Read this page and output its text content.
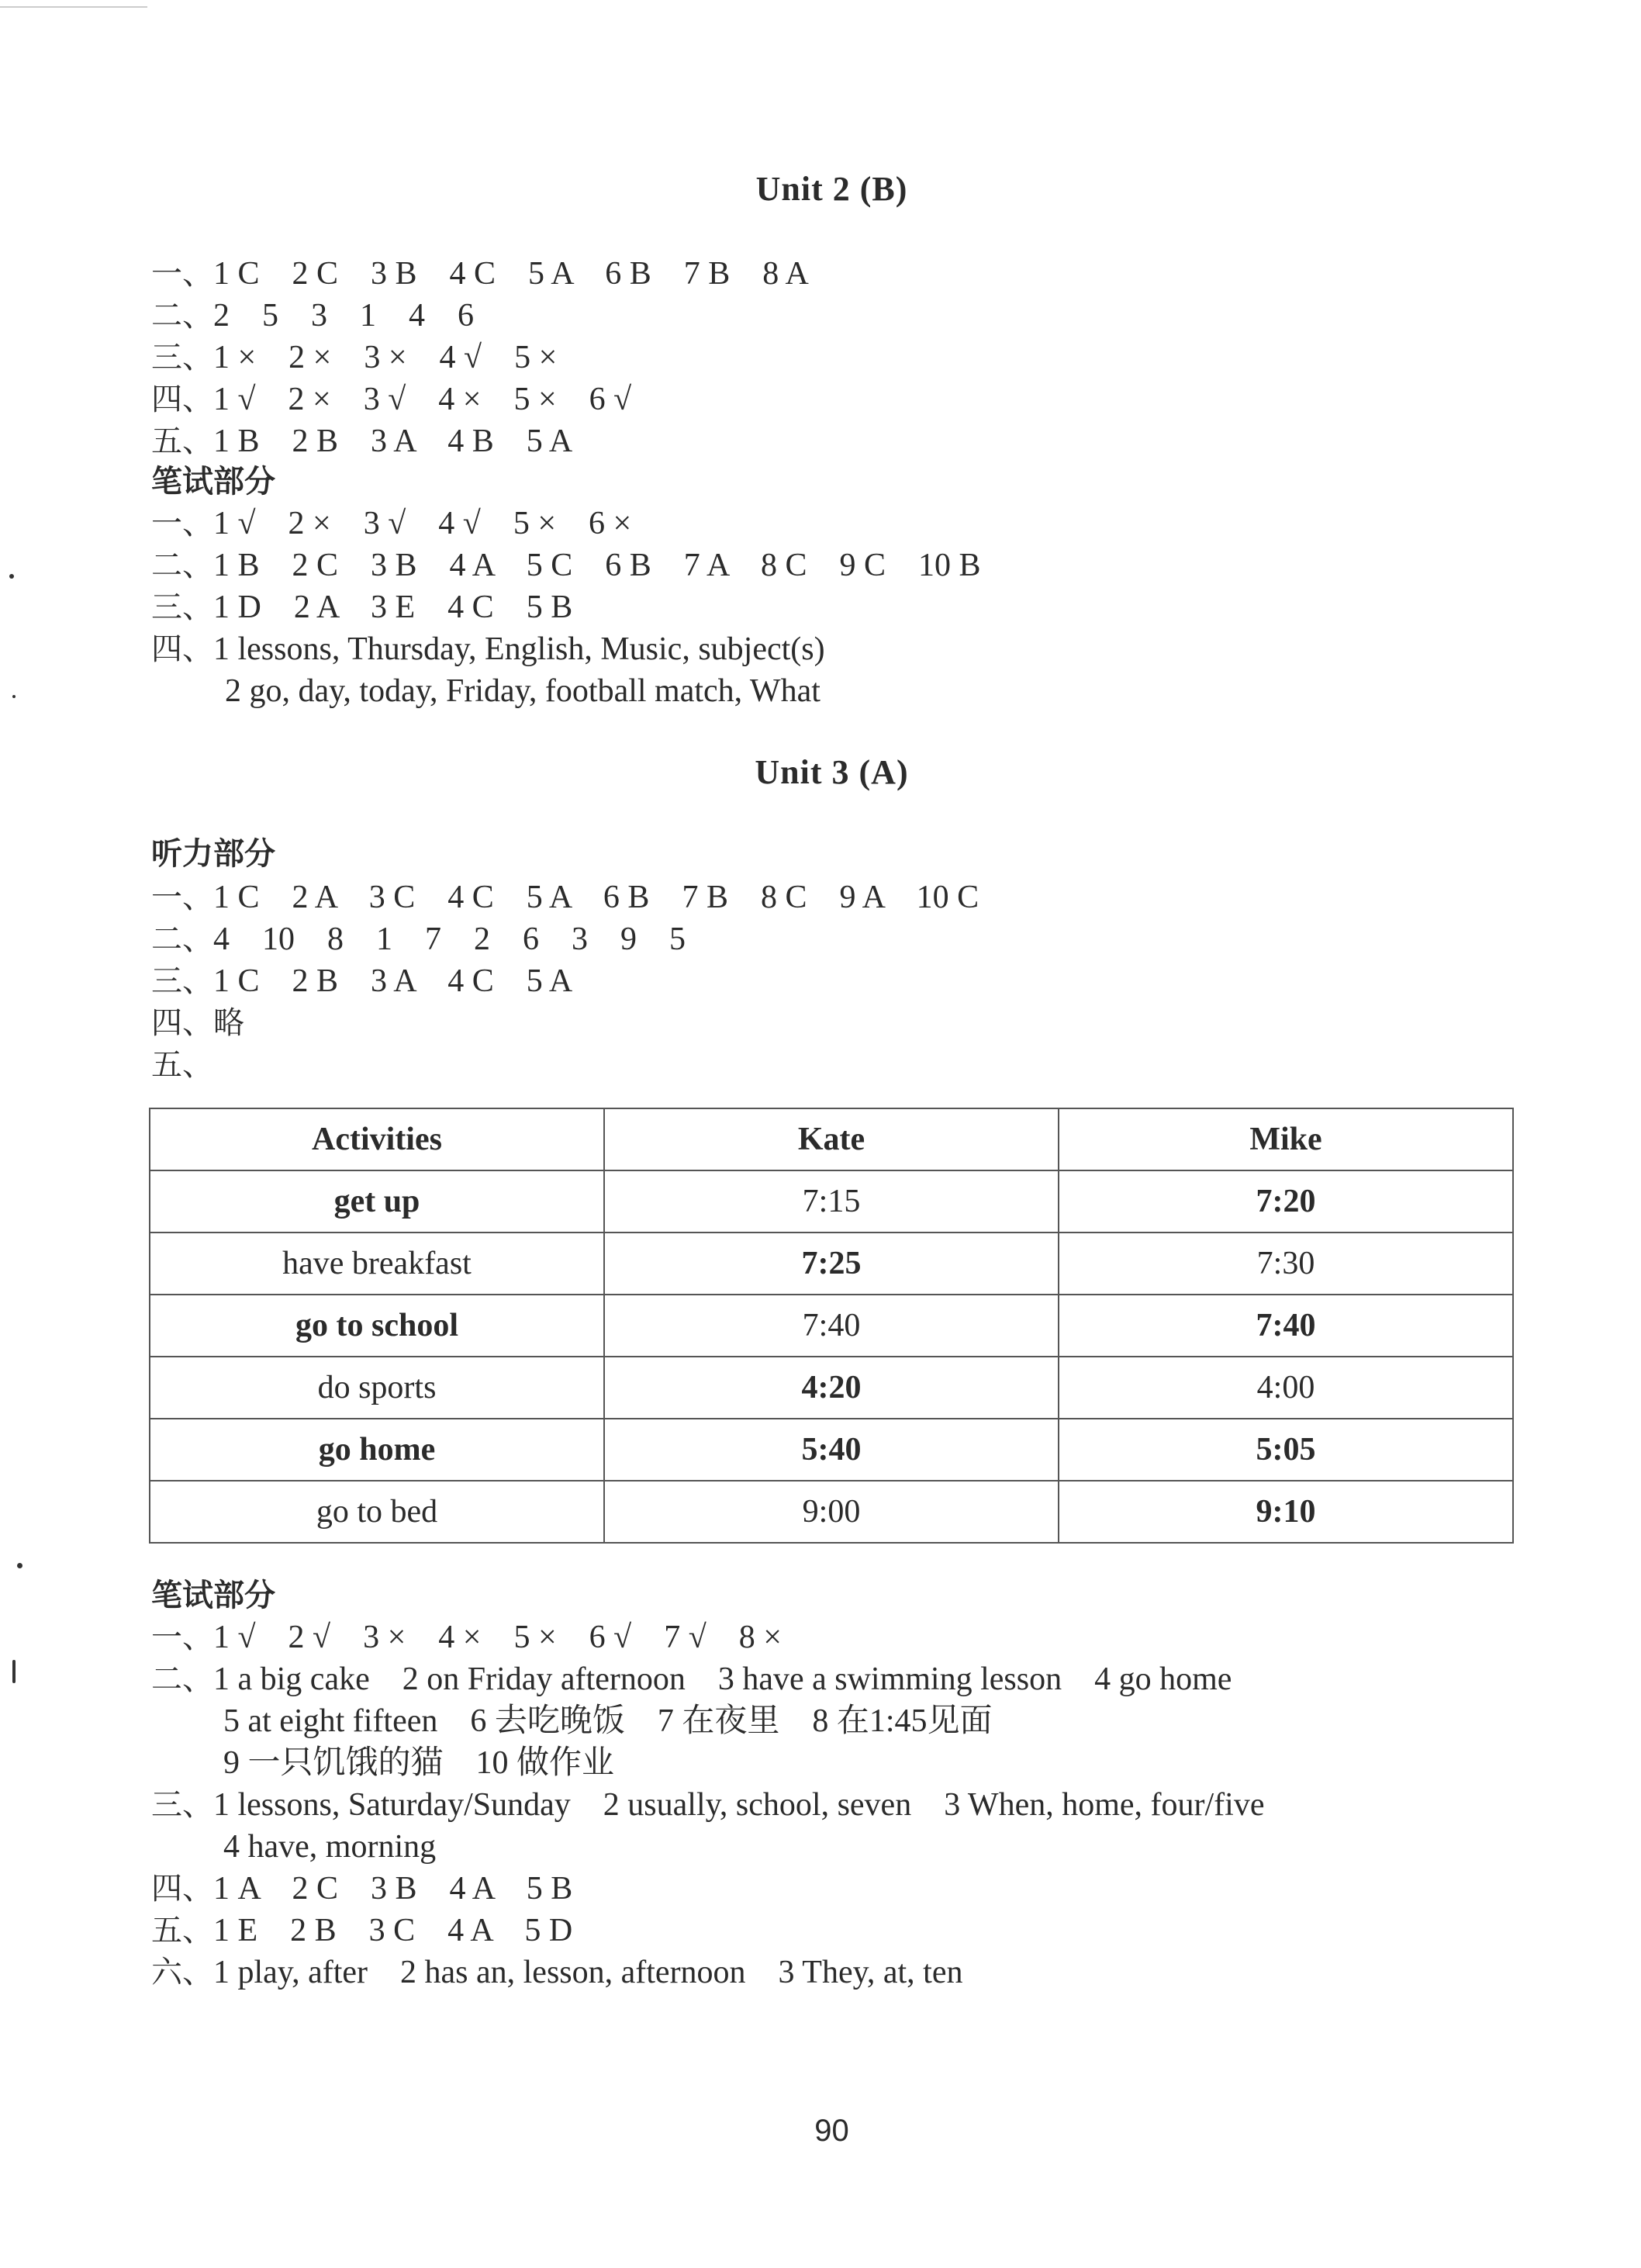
Unit 2 (B)
一、1 C    2 C    3 B    4 C    5 A    6 B    7 B    8 A
二、2    5    3    1    4    6
三、1 ×    2 ×    3 ×    4 √    5 ×
四、1 √    2 ×    3 √    4 ×    5 ×    6 √
五、1 B    2 B    3 A    4 B    5 A
笔试部分
一、1 √    2 ×    3 √    4 √    5 ×    6 ×
二、1 B    2 C    3 B    4 A    5 C    6 B    7 A    8 C    9 C    10 B
三、1 D    2 A    3 E    4 C    5 B
四、1 lessons, Thursday, English, Music, subject(s)
2 go, day, today, Friday, football match, What
Unit 3 (A)
听力部分
一、1 C    2 A    3 C    4 C    5 A    6 B    7 B    8 C    9 A    10 C
二、4    10    8    1    7    2    6    3    9    5
三、1 C    2 B    3 A    4 C    5 A
四、略
五、
Activities	Kate	Mike
get up	7:15	7:20
have breakfast	7:25	7:30
go to school	7:40	7:40
do sports	4:20	4:00
go home	5:40	5:05
go to bed	9:00	9:10
笔试部分
一、1 √    2 √    3 ×    4 ×    5 ×    6 √    7 √    8 ×
二、1 a big cake    2 on Friday afternoon    3 have a swimming lesson    4 go home
5 at eight fifteen    6 去吃晚饭    7 在夜里    8 在1:45见面
9 一只饥饿的猫    10 做作业
三、1 lessons, Saturday/Sunday    2 usually, school, seven    3 When, home, four/five
4 have, morning
四、1 A    2 C    3 B    4 A    5 B
五、1 E    2 B    3 C    4 A    5 D
六、1 play, after    2 has an, lesson, afternoon    3 They, at, ten
90
